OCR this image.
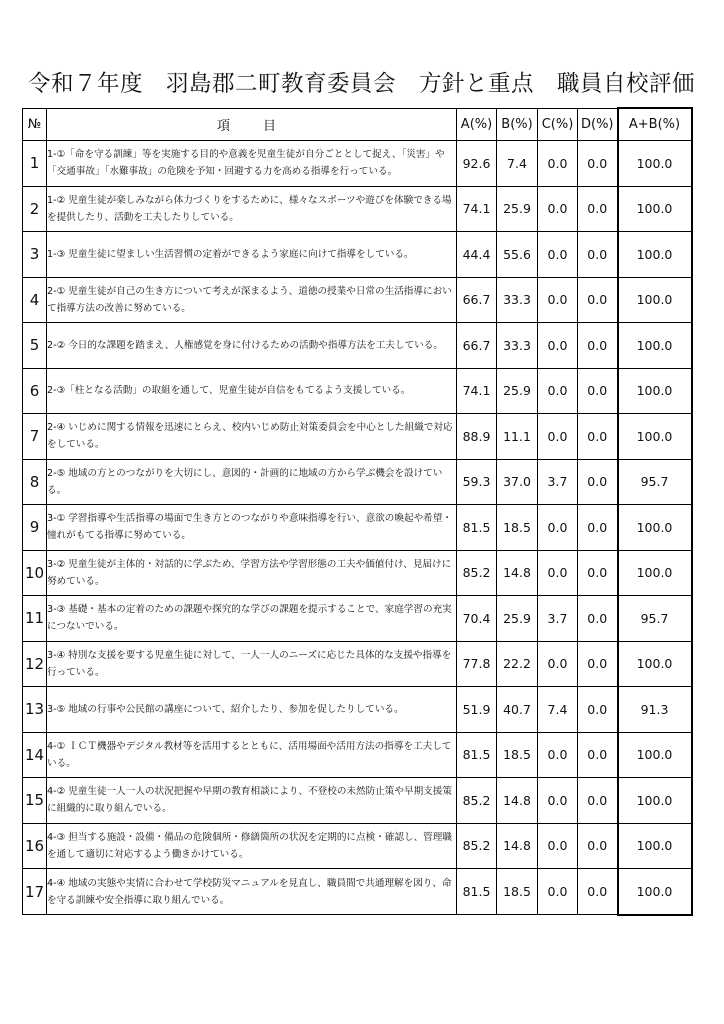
令和７年度　羽島郡二町教育委員会　方針と重点　職員自校評価
№	項　目	A(%)	B(%)	C(%)	D(%)	A+B(%)
1	1-①「命を守る訓練」等を実施する目的や意義を児童生徒が自分ごととして捉え、「災害」や「交通事故」「水難事故」の危険を予知・回避する力を高める指導を行っている。	92.6	7.4	0.0	0.0	100.0
2	1-② 児童生徒が楽しみながら体力づくりをするために、様々なスポーツや遊びを体験できる場を提供したり、活動を工夫したりしている。	74.1	25.9	0.0	0.0	100.0
3	1-③ 児童生徒に望ましい生活習慣の定着ができるよう家庭に向けて指導をしている。	44.4	55.6	0.0	0.0	100.0
4	2-① 児童生徒が自己の生き方について考えが深まるよう、道徳の授業や日常の生活指導において指導方法の改善に努めている。	66.7	33.3	0.0	0.0	100.0
5	2-② 今日的な課題を踏まえ、人権感覚を身に付けるための活動や指導方法を工夫している。	66.7	33.3	0.0	0.0	100.0
6	2-③「柱となる活動」の取組を通して、児童生徒が自信をもてるよう支援している。	74.1	25.9	0.0	0.0	100.0
7	2-④ いじめに関する情報を迅速にとらえ、校内いじめ防止対策委員会を中心とした組織で対応をしている。	88.9	11.1	0.0	0.0	100.0
8	2-⑤ 地域の方とのつながりを大切にし、意図的・計画的に地域の方から学ぶ機会を設けている。	59.3	37.0	3.7	0.0	95.7
9	3-① 学習指導や生活指導の場面で生き方とのつながりや意味指導を行い、意欲の喚起や希望・憧れがもてる指導に努めている。	81.5	18.5	0.0	0.0	100.0
10	3-② 児童生徒が主体的・対話的に学ぶため、学習方法や学習形態の工夫や価値付け、見届けに努めている。	85.2	14.8	0.0	0.0	100.0
11	3-③ 基礎・基本の定着のための課題や探究的な学びの課題を提示することで、家庭学習の充実につないでいる。	70.4	25.9	3.7	0.0	95.7
12	3-④ 特別な支援を要する児童生徒に対して、一人一人のニーズに応じた具体的な支援や指導を行っている。	77.8	22.2	0.0	0.0	100.0
13	3-⑤ 地域の行事や公民館の講座について、紹介したり、参加を促したりしている。	51.9	40.7	7.4	0.0	91.3
14	4-① ＩＣＴ機器やデジタル教材等を活用するとともに、活用場面や活用方法の指導を工夫している。	81.5	18.5	0.0	0.0	100.0
15	4-② 児童生徒一人一人の状況把握や早期の教育相談により、不登校の未然防止策や早期支援策に組織的に取り組んでいる。	85.2	14.8	0.0	0.0	100.0
16	4-③ 担当する施設・設備・備品の危険個所・修繕箇所の状況を定期的に点検・確認し、管理職を通して適切に対応するよう働きかけている。	85.2	14.8	0.0	0.0	100.0
17	4-④ 地域の実態や実情に合わせて学校防災マニュアルを見直し、職員間で共通理解を図り、命を守る訓練や安全指導に取り組んでいる。	81.5	18.5	0.0	0.0	100.0
